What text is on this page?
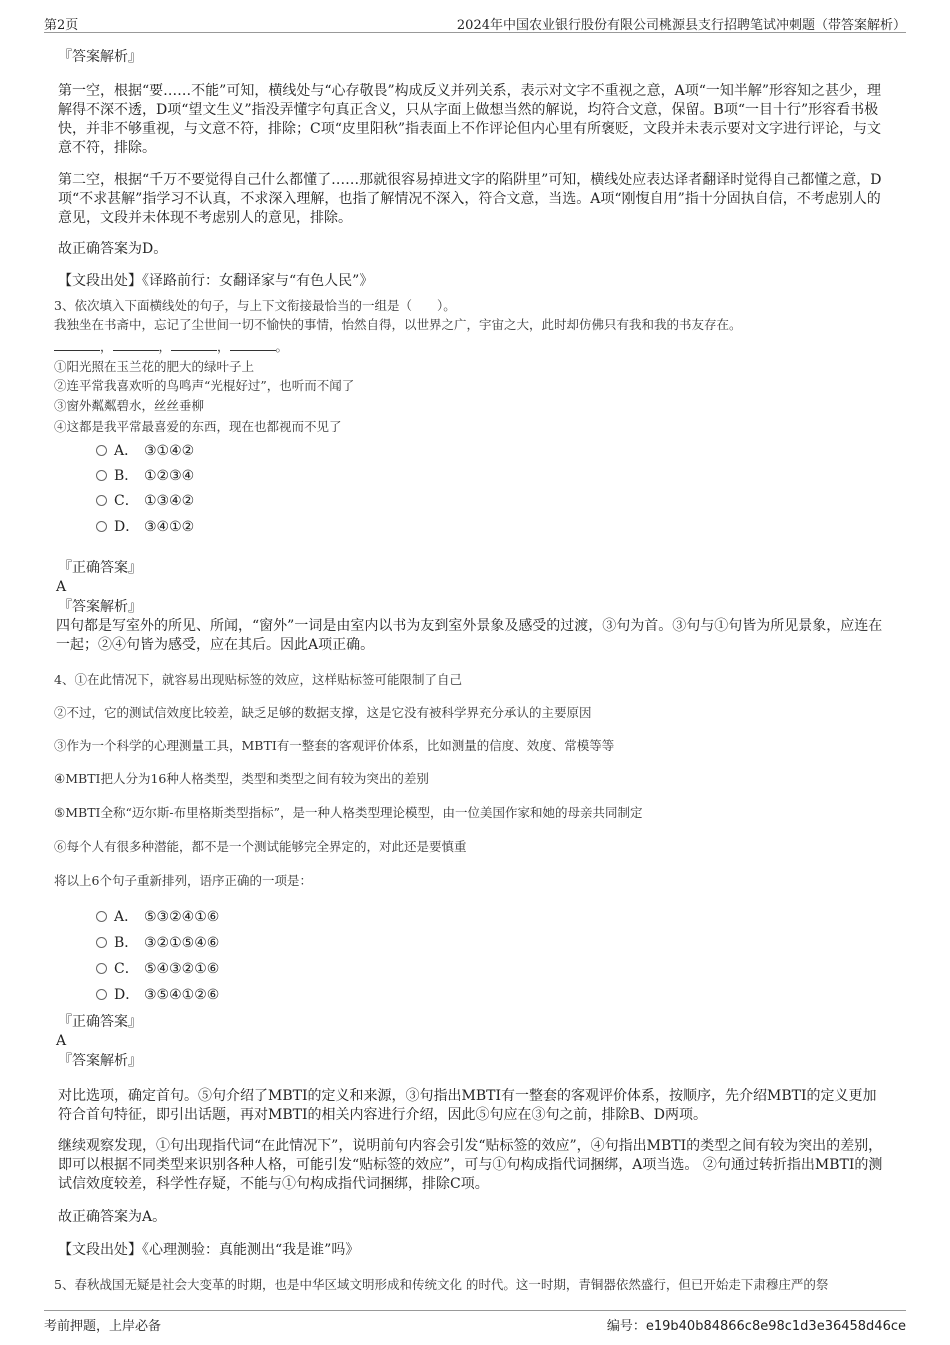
第2页	2024年中国农业银行股份有限公司桃源县支行招聘笔试冲刺题（带答案解析）

『答案解析』

第一空，根据“要……不能”可知，横线处与“心存敬畏”构成反义并列关系，表示对文字不重视之意，A项“一知半解”形容知之甚少，理解得不深不透，D项“望文生义”指没弄懂字句真正含义，只从字面上做想当然的解说，均符合文意，保留。B项“一目十行”形容看书极快，并非不够重视，与文意不符，排除；C项“皮里阳秋”指表面上不作评论但内心里有所褒贬，文段并未表示要对文字进行评论，与文意不符，排除。

第二空，根据“千万不要觉得自己什么都懂了……那就很容易掉进文字的陷阱里”可知，横线处应表达译者翻译时觉得自己都懂之意，D项“不求甚解”指学习不认真，不求深入理解，也指了解情况不深入，符合文意，当选。A项“刚愎自用”指十分固执自信，不考虑别人的意见，文段并未体现不考虑别人的意见，排除。

故正确答案为D。

【文段出处】《译路前行：女翻译家与“有色人民”》

3、依次填入下面横线处的句子，与上下文衔接最恰当的一组是（　　）。

我独坐在书斋中，忘记了尘世间一切不愉快的事情，怡然自得，以世界之广，宇宙之大，此时却仿佛只有我和我的书友存在。

，	，	，	。

①阳光照在玉兰花的肥大的绿叶子上

②连平常我喜欢听的鸟鸣声“光棍好过”，也听而不闻了

③窗外粼粼碧水，丝丝垂柳

④这都是我平常最喜爱的东西，现在也都视而不见了

A． ③①④②
B． ①②③④
C． ①③④②
D． ③④①②

『正确答案』

A

『答案解析』

四句都是写室外的所见、所闻，“窗外”一词是由室内以书为友到室外景象及感受的过渡，③句为首。③句与①句皆为所见景象，应连在一起；②④句皆为感受，应在其后。因此A项正确。

4、①在此情况下，就容易出现贴标签的效应，这样贴标签可能限制了自己

②不过，它的测试信效度比较差，缺乏足够的数据支撑，这是它没有被科学界充分承认的主要原因

③作为一个科学的心理测量工具，MBTI有一整套的客观评价体系，比如测量的信度、效度、常模等等

④MBTI把人分为16种人格类型，类型和类型之间有较为突出的差别

⑤MBTI全称“迈尔斯-布里格斯类型指标”，是一种人格类型理论模型，由一位美国作家和她的母亲共同制定

⑥每个人有很多种潜能，都不是一个测试能够完全界定的，对此还是要慎重

将以上6个句子重新排列，语序正确的一项是：

A． ⑤③②④①⑥
B． ③②①⑤④⑥
C． ⑤④③②①⑥
D． ③⑤④①②⑥

『正确答案』

A

『答案解析』

对比选项，确定首句。⑤句介绍了MBTI的定义和来源，③句指出MBTI有一整套的客观评价体系，按顺序，先介绍MBTI的定义更加符合首句特征，即引出话题，再对MBTI的相关内容进行介绍，因此⑤句应在③句之前，排除B、D两项。

继续观察发现，①句出现指代词“在此情况下”，说明前句内容会引发“贴标签的效应”，④句指出MBTI的类型之间有较为突出的差别，即可以根据不同类型来识别各种人格，可能引发“贴标签的效应”，可与①句构成指代词捆绑，A项当选。 ②句通过转折指出MBTI的测试信效度较差，科学性存疑，不能与①句构成指代词捆绑，排除C项。

故正确答案为A。

【文段出处】《心理测验：真能测出“我是谁”吗》

5、春秋战国无疑是社会大变革的时期，也是中华区域文明形成和传统文化 的时代。这一时期，青铜器依然盛行，但已开始走下肃穆庄严的祭

考前押题，上岸必备	编号：e19b40b84866c8e98c1d3e36458d46ce
